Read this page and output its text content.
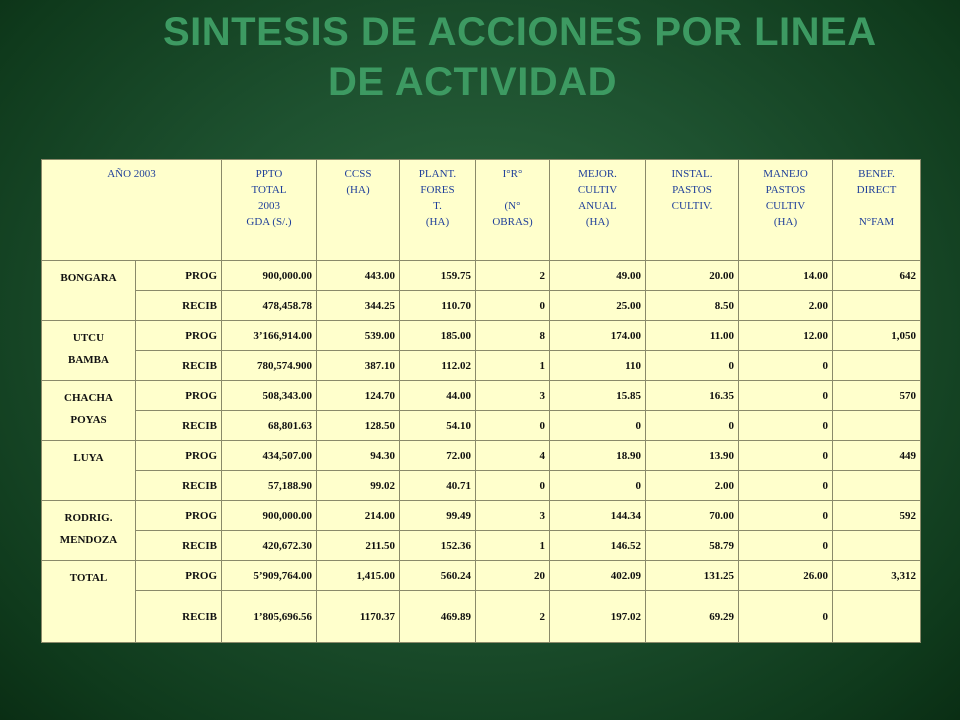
SINTESIS DE ACCIONES POR LINEA
DE ACTIVIDAD
AÑO 2003		PPTO
TOTAL
2003
GDA (S/.)	CCSS
(HA)	PLANT.
FORES
T.
(HA)	I°R°
(N°
OBRAS)	MEJOR.
CULTIV
ANUAL
(HA)	INSTAL.
PASTOS
CULTIV.	MANEJO
PASTOS
CULTIV
(HA)	BENEF.
DIRECT
N°FAM

BONGARA	PROG	900,000.00	443.00	159.75	2	49.00	20.00	14.00	642
	RECIB	478,458.78	344.25	110.70	0	25.00	8.50	2.00	

UTCU
BAMBA	PROG	3’166,914.00	539.00	185.00	8	174.00	11.00	12.00	1,050
	RECIB	780,574.900	387.10	112.02	1	110	0	0	

CHACHA
POYAS	PROG	508,343.00	124.70	44.00	3	15.85	16.35	0	570
	RECIB	68,801.63	128.50	54.10	0	0	0	0	

LUYA	PROG	434,507.00	94.30	72.00	4	18.90	13.90	0	449
	RECIB	57,188.90	99.02	40.71	0	0	2.00	0	

RODRIG.
MENDOZA	PROG	900,000.00	214.00	99.49	3	144.34	70.00	0	592
	RECIB	420,672.30	211.50	152.36	1	146.52	58.79	0	

TOTAL	PROG	5’909,764.00	1,415.00	560.24	20	402.09	131.25	26.00	3,312
	RECIB	1’805,696.56	1170.37	469.89	2	197.02	69.29	0	
